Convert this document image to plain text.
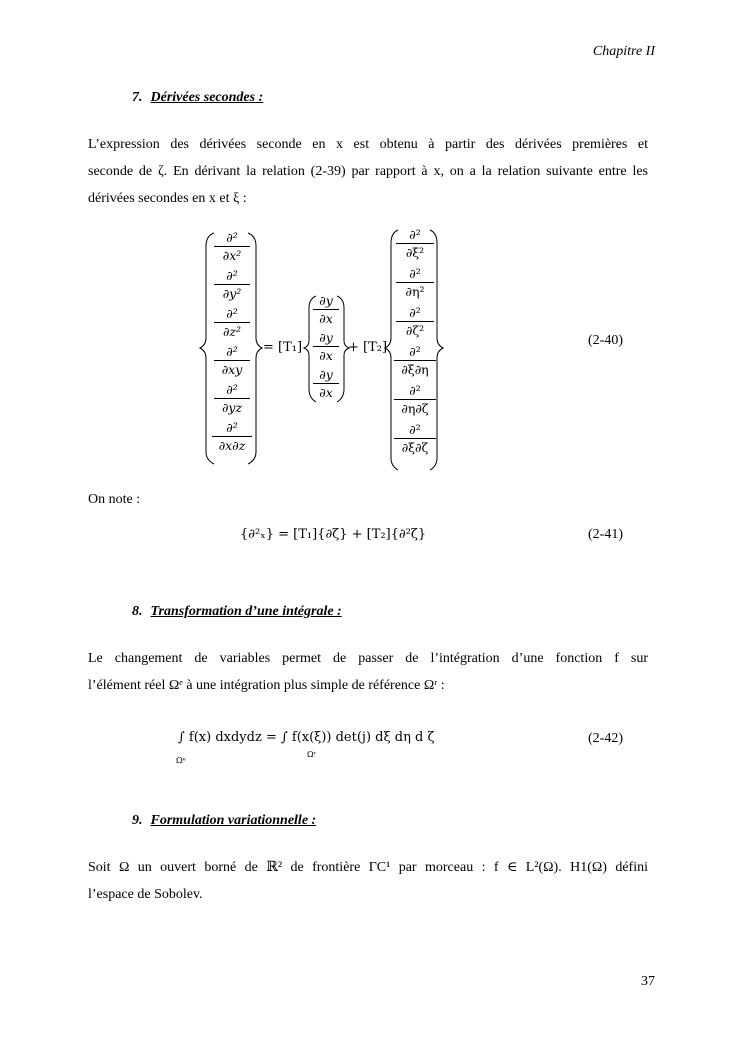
Chapitre II
7. Dérivées secondes :
L’expression des dérivées seconde en x est obtenu à partir des dérivées premières et
seconde de ζ. En dérivant la relation (2-39) par rapport à x, on a la relation suivante entre les
dérivées secondes en x et ξ :
∂²
∂x²
∂²
∂y²
∂²
∂z²
∂²
∂xy
∂²
∂yz
∂²
∂x∂z
= [T₁]
∂y
∂x
∂y
∂x
∂y
∂x
+ [T₂]
∂²
∂ξ²
∂²
∂η²
∂²
∂ζ²
∂²
∂ξ∂η
∂²
∂η∂ζ
∂²
∂ξ∂ζ
(2-40)
On note :
{∂²ₓ} = [T₁]{∂ζ} + [T₂]{∂²ζ}	(2-41)
8. Transformation d’une intégrale :
Le changement de variables permet de passer de l’intégration d’une fonction f sur
l’élément réel Ωᵉ à une intégration plus simple de référence Ωʳ :
∫ f(x) dxdydz = ∫ f(x(ξ)) det(j) dξ dη d ζ
Ωᵉ
Ωʳ
(2-42)
9. Formulation variationnelle :
Soit Ω un ouvert borné de ℝ² de frontière ΓC¹ par morceau : f ∈ L²(Ω). H1(Ω) défini
l’espace de Sobolev.
37
